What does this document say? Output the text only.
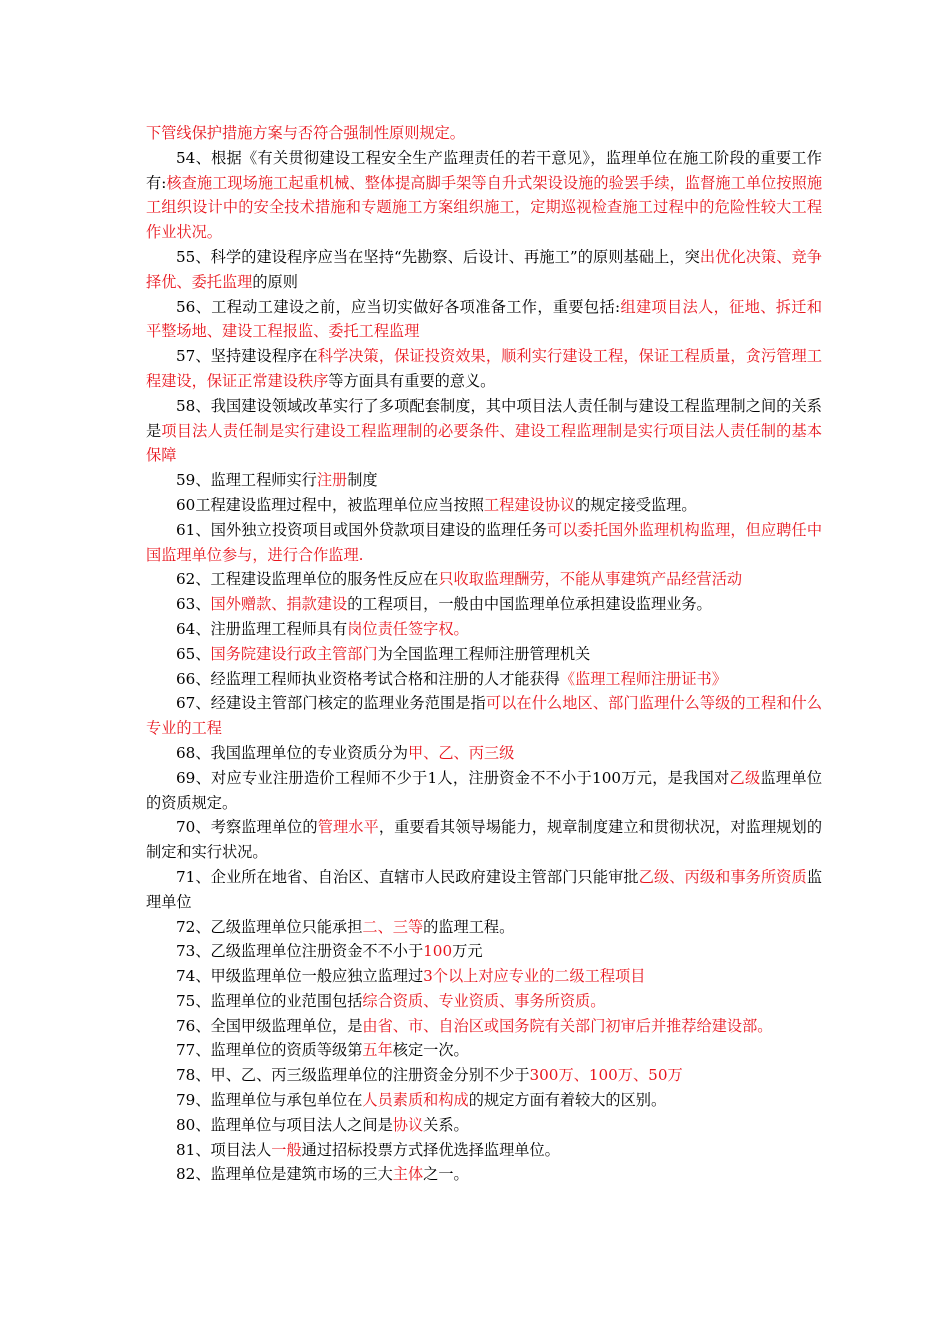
下管线保护措施方案与否符合强制性原则规定。

54、根据《有关贯彻建设工程安全生产监理责任的若干意见》，监理单位在施工阶段的重要工作有:核查施工现场施工起重机械、整体提高脚手架等自升式架设设施的验罢手续，监督施工单位按照施工组织设计中的安全技术措施和专题施工方案组织施工，定期巡视检查施工过程中的危险性较大工程作业状况。

55、科学的建设程序应当在坚持“先勘察、后设计、再施工”的原则基础上，突出优化决策、竞争择优、委托监理的原则

56、工程动工建设之前，应当切实做好各项准备工作，重要包括:组建项目法人，征地、拆迁和平整场地、建设工程报监、委托工程监理

57、坚持建设程序在科学决策，保证投资效果，顺利实行建设工程，保证工程质量，贪污管理工程建设，保证正常建设秩序等方面具有重要的意义。

58、我国建设领域改革实行了多项配套制度，其中项目法人责任制与建设工程监理制之间的关系是项目法人责任制是实行建设工程监理制的必要条件、建设工程监理制是实行项目法人责任制的基本保障

59、监理工程师实行注册制度

60工程建设监理过程中，被监理单位应当按照工程建设协议的规定接受监理。

61、国外独立投资项目或国外贷款项目建设的监理任务可以委托国外监理机构监理，但应聘任中国监理单位参与，进行合作监理.

62、工程建设监理单位的服务性反应在只收取监理酬劳，不能从事建筑产品经营活动

63、国外赠款、捐款建设的工程项目，一般由中国监理单位承担建设监理业务。

64、注册监理工程师具有岗位责任签字权。

65、国务院建设行政主管部门为全国监理工程师注册管理机关

66、经监理工程师执业资格考试合格和注册的人才能获得《监理工程师注册证书》

67、经建设主管部门核定的监理业务范围是指可以在什么地区、部门监理什么等级的工程和什么专业的工程

68、我国监理单位的专业资质分为甲、乙、丙三级

69、对应专业注册造价工程师不少于1人，注册资金不不小于100万元，是我国对乙级监理单位的资质规定。

70、考察监理单位的管理水平，重要看其领导埸能力，规章制度建立和贯彻状况，对监理规划的制定和实行状况。

71、企业所在地省、自治区、直辖市人民政府建设主管部门只能审批乙级、丙级和事务所资质监理单位

72、乙级监理单位只能承担二、三等的监理工程。

73、乙级监理单位注册资金不不小于100万元

74、甲级监理单位一般应独立监理过3个以上对应专业的二级工程项目

75、监理单位的业范围包括综合资质、专业资质、事务所资质。

76、全国甲级监理单位，是由省、市、自治区或国务院有关部门初审后并推荐给建设部。

77、监理单位的资质等级第五年核定一次。

78、甲、乙、丙三级监理单位的注册资金分别不少于300万、100万、50万

79、监理单位与承包单位在人员素质和构成的规定方面有着较大的区别。

80、监理单位与项目法人之间是协议关系。

81、项目法人一般通过招标投票方式择优选择监理单位。

82、监理单位是建筑市场的三大主体之一。
